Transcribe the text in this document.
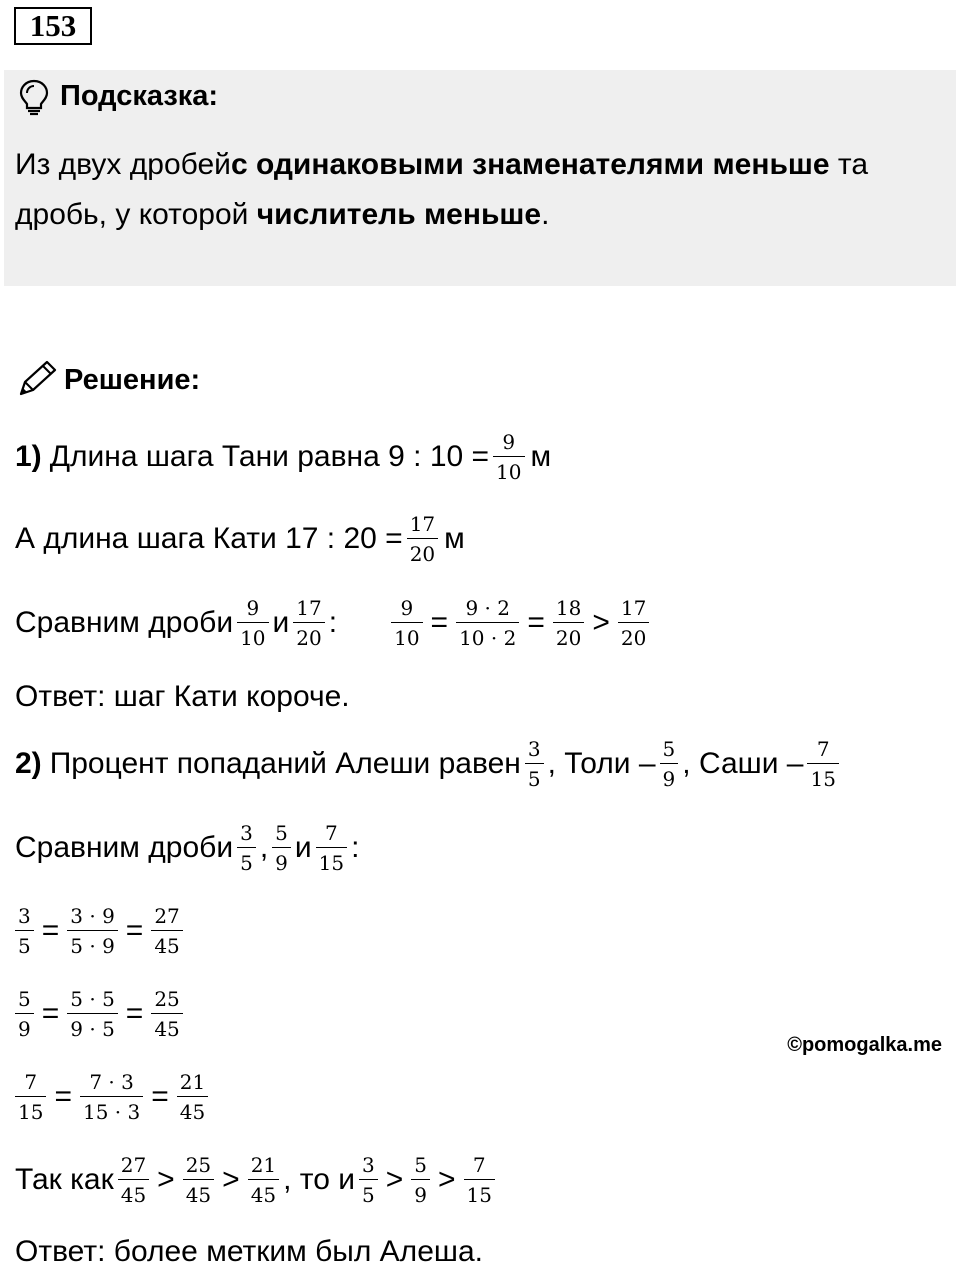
153
Подсказка:
Из двух дробей с одинаковыми знаменателями меньше та
дробь, у которой числитель меньше .
Решение:
1) Длина шага Тани равна 9 : $10 = \frac{9}{10}$ м
А длина шага Кати 17 : $20 = \frac{17}{20}$ м
Сравним дроби $\frac{9}{10}$ и $\frac{17}{20}$ :	$\frac{9}{10} = \frac{9 \cdot 2}{10 \cdot 2} = \frac{18}{20} > \frac{17}{20}$
Ответ: шаг Кати короче.
2) Процент попаданий Алеши равен $\frac{3}{5}$ , Толи – $\frac{5}{9}$ , Саши – $\frac{7}{15}$
Сравним дроби $\frac{3}{5}$ , $\frac{5}{9}$ и $\frac{7}{15}$ :
$\frac{3}{5} = \frac{3 \cdot 9}{5 \cdot 9} = \frac{27}{45}$
$\frac{5}{9} = \frac{5 \cdot 5}{9 \cdot 5} = \frac{25}{45}$
$\frac{7}{15} = \frac{7 \cdot 3}{15 \cdot 3} = \frac{21}{45}$
©pomogalka.me
Так как $\frac{27}{45} > \frac{25}{45} > \frac{21}{45}$ , то и $\frac{3}{5} > \frac{5}{9} > \frac{7}{15}$
Ответ: более метким был Алеша.
